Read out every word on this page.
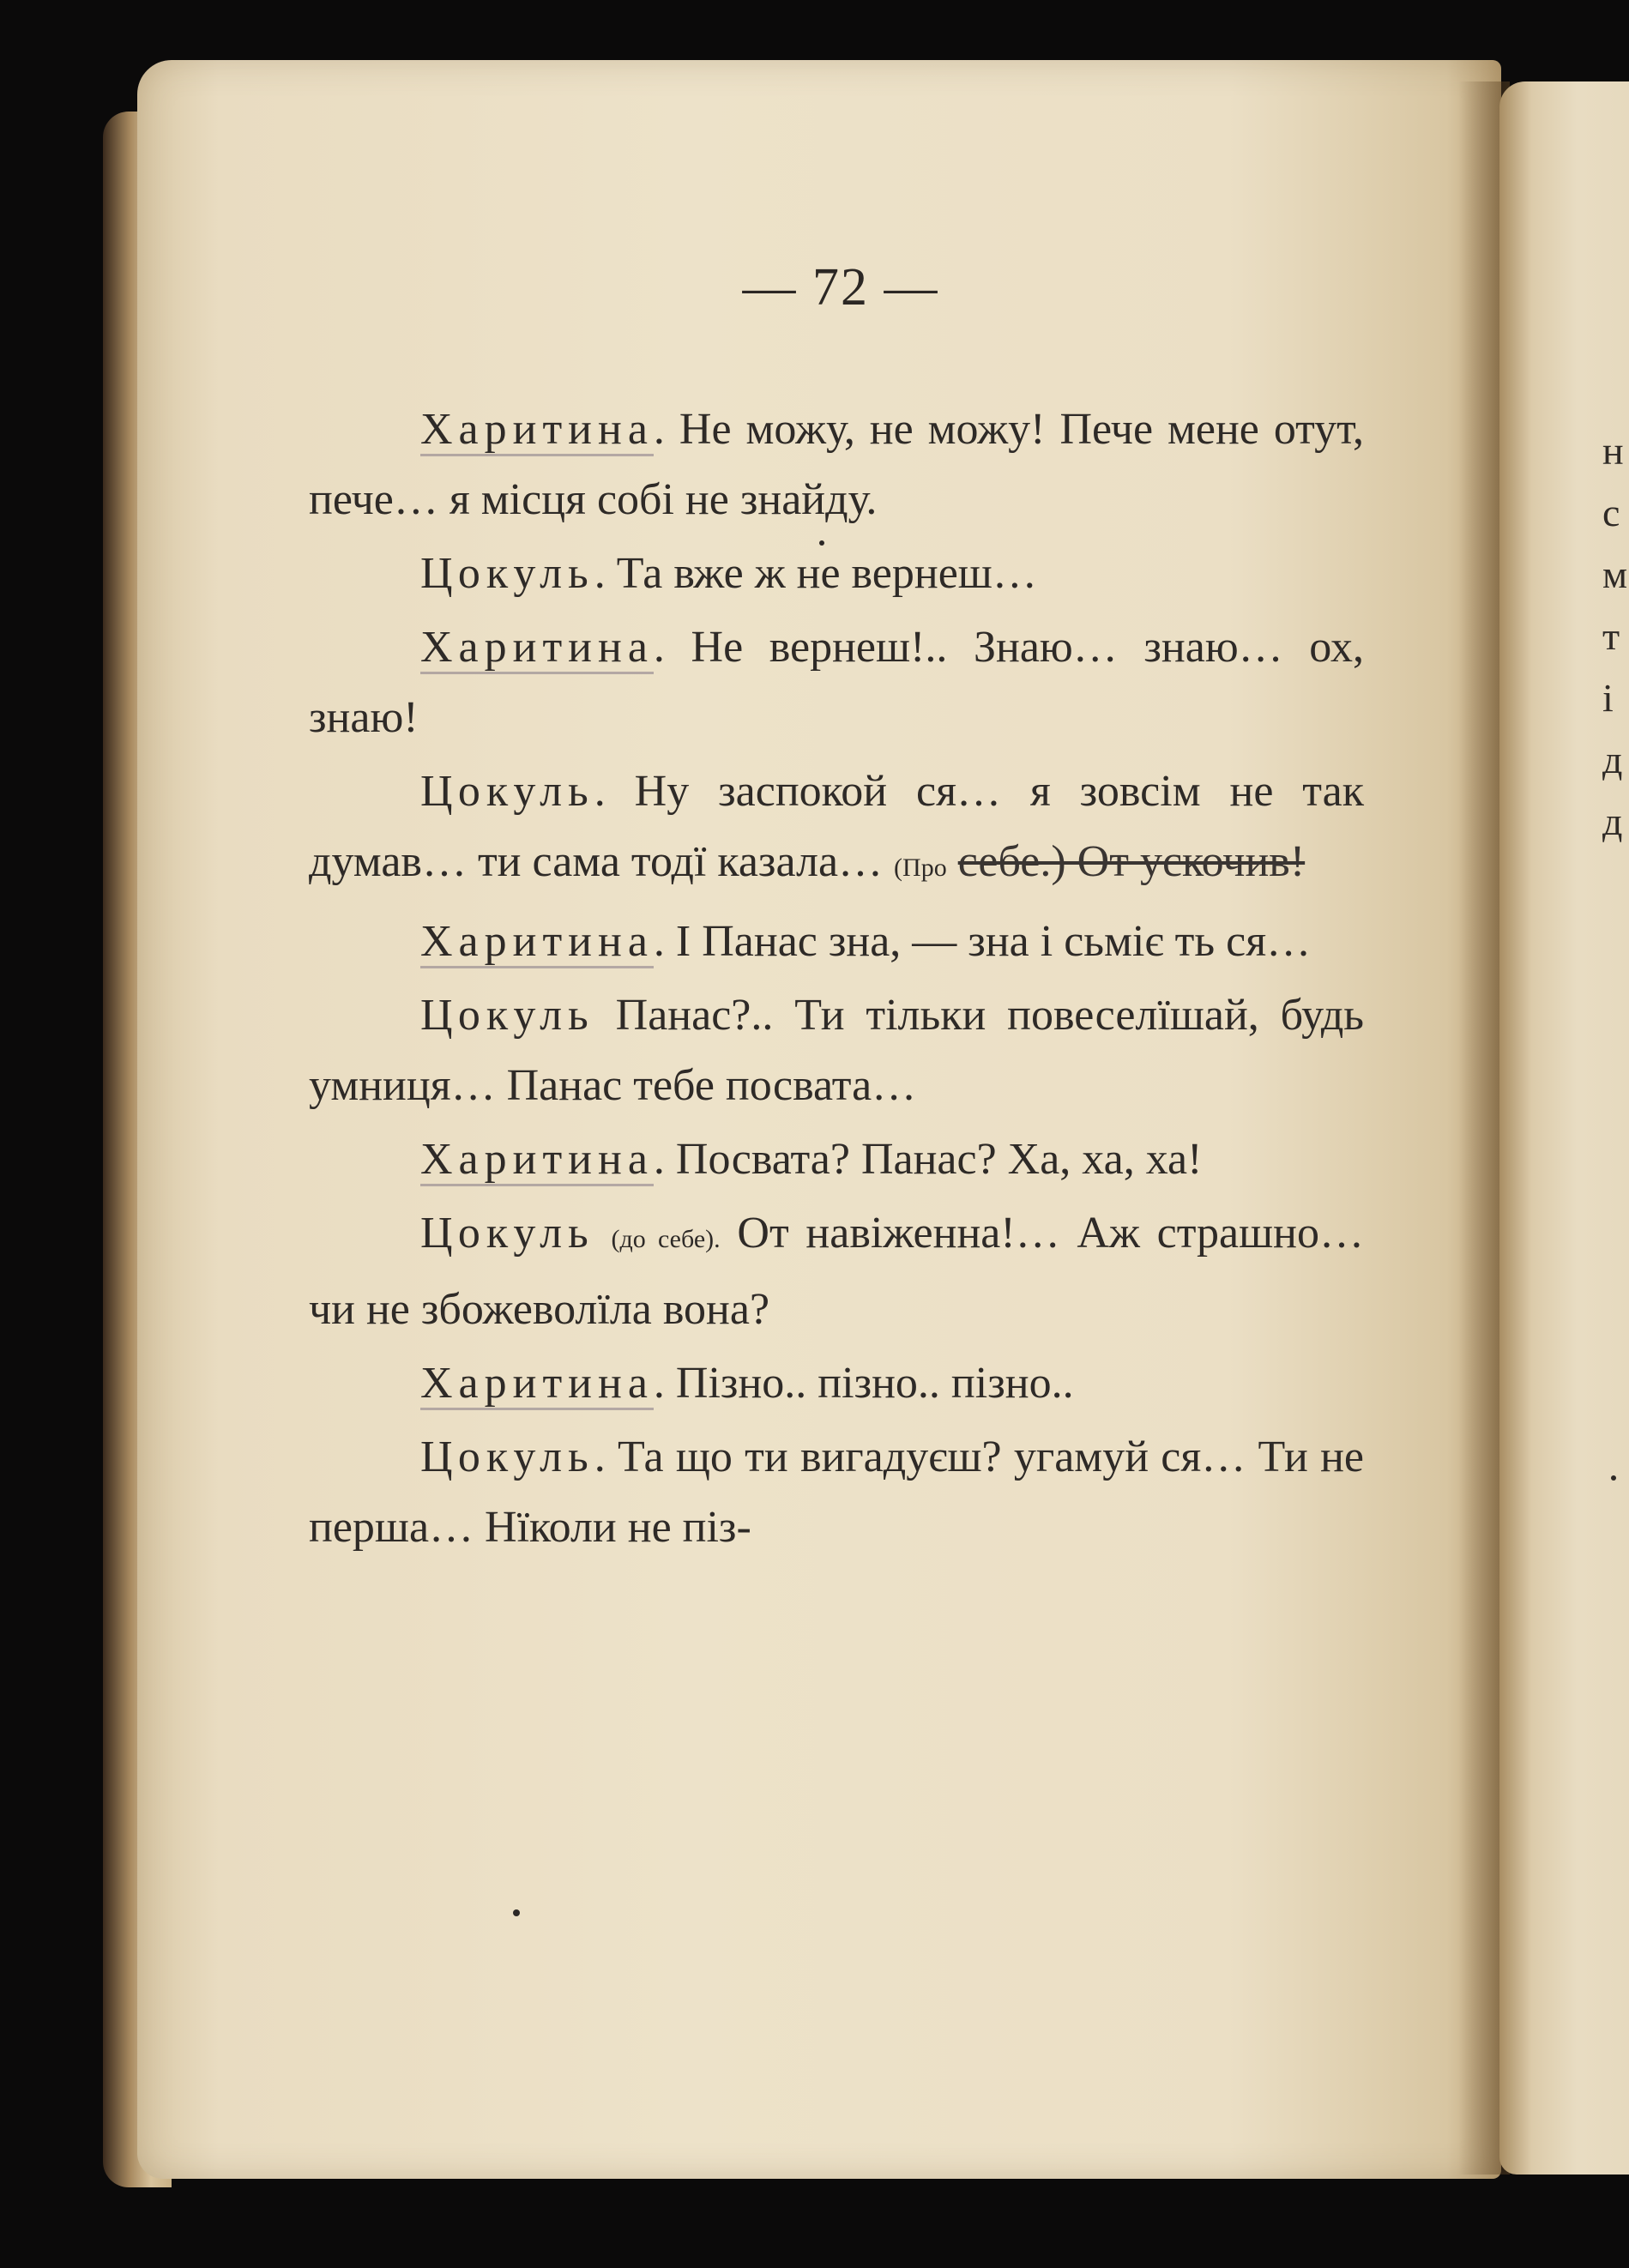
н
с
м
т
і
д
д
— 72 —

Харитина. Не можу, не можу! Пече мене отут, пече… я місця собі не знайду.

Цокуль. Та вже ж не вернеш…

Харитина. Не вернеш!.. Знаю… знаю… ох, знаю!

Цокуль. Ну заспокой ся… я зовсім не так думав… ти сама тодї казала… (Про себе.) От ускочив!

Харитина. І Панас зна, — зна і сьміє ть ся…

Цокуль Панас?.. Ти тільки повеселїшай, будь умниця… Панас тебе посвата…

Харитина. Посвата? Панас? Ха, ха, ха!

Цокуль (до себе). От навіженна!… Аж страшно… чи не збожеволїла вона?

Харитина. Пізно.. пізно.. пізно..

Цокуль. Та що ти вигадуєш? угамуй ся… Ти не перша… Нїколи не піз-
